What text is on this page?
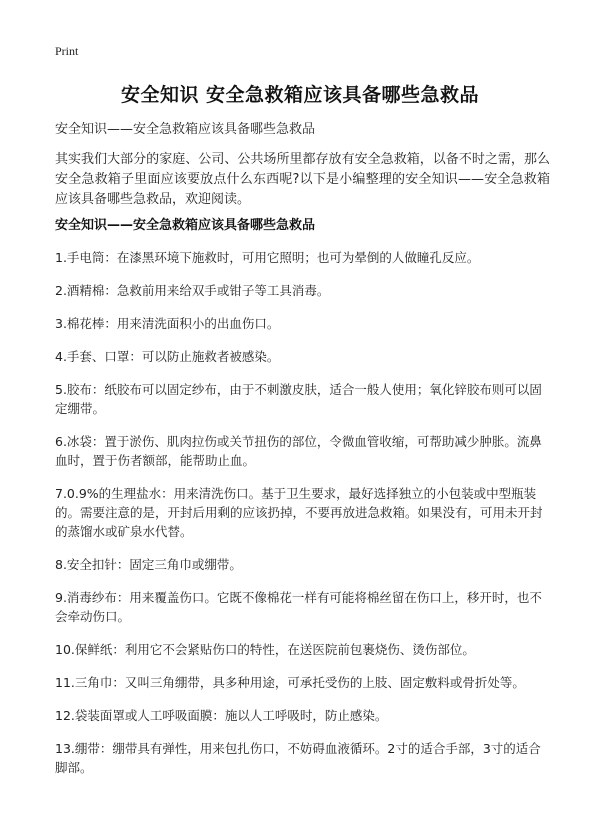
Print
安全知识 安全急救箱应该具备哪些急救品
安全知识——安全急救箱应该具备哪些急救品

其实我们大部分的家庭、公司、公共场所里都存放有安全急救箱，以备不时之需，那么安全急救箱子里面应该要放点什么东西呢?以下是小编整理的安全知识——安全急救箱应该具备哪些急救品，欢迎阅读。

安全知识——安全急救箱应该具备哪些急救品
1.手电筒：在漆黑环境下施救时，可用它照明；也可为晕倒的人做瞳孔反应。
2.酒精棉：急救前用来给双手或钳子等工具消毒。
3.棉花棒：用来清洗面积小的出血伤口。
4.手套、口罩：可以防止施救者被感染。
5.胶布：纸胶布可以固定纱布，由于不刺激皮肤，适合一般人使用；氧化锌胶布则可以固定绷带。
6.冰袋：置于淤伤、肌肉拉伤或关节扭伤的部位，令微血管收缩，可帮助减少肿胀。流鼻血时，置于伤者额部，能帮助止血。
7.0.9%的生理盐水：用来清洗伤口。基于卫生要求，最好选择独立的小包装或中型瓶装的。需要注意的是，开封后用剩的应该扔掉，不要再放进急救箱。如果没有，可用未开封的蒸馏水或矿泉水代替。
8.安全扣针：固定三角巾或绷带。
9.消毒纱布：用来覆盖伤口。它既不像棉花一样有可能将棉丝留在伤口上，移开时，也不会牵动伤口。
10.保鲜纸：利用它不会紧贴伤口的特性，在送医院前包裹烧伤、烫伤部位。
11.三角巾：又叫三角绷带，具多种用途，可承托受伤的上肢、固定敷料或骨折处等。
12.袋装面罩或人工呼吸面膜：施以人工呼吸时，防止感染。
13.绷带：绷带具有弹性，用来包扎伤口，不妨碍血液循环。2寸的适合手部，3寸的适合脚部。
